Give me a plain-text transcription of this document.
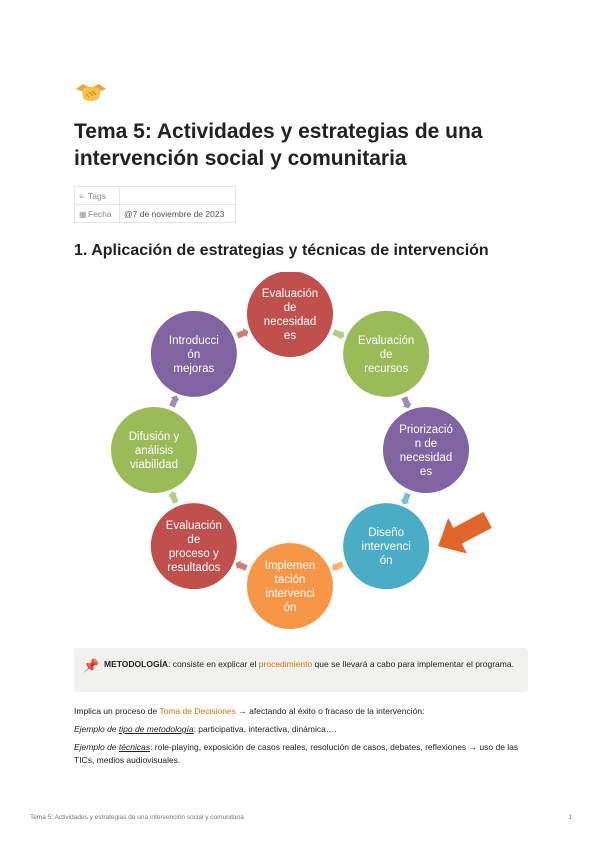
Tema 5: Actividades y estrategias de una
intervención social y comunitaria
≡ Tags	
▦Fecha	@7 de noviembre de 2023
1. Aplicación de estrategias y técnicas de intervención
Evaluación
de
necesidad
es	Evaluación
de
recursos
Priorizació
n de
necesidad
es
Diseño
intervenci
ón
Implemen
tación
intervenci
ón
Evaluación
de
proceso y
resultados
Difusión y
análisis
viabilidad
Introducci
ón
mejoras
📌 METODOLOGÍA: consiste en explicar el procedimiento que se llevará a cabo para implementar el programa.

Implica un proceso de Toma de Decisiones → afectando al éxito o fracaso de la intervención:

Ejemplo de tipo de metodología: participativa, interactiva, dinámica….

Ejemplo de técnicas: role-playing, exposición de casos reales, resolución de casos, debates, reflexiones → uso de las TICs, medios audiovisuales.

Tema 5: Actividades y estrategias de una intervención social y comunitaria	1
